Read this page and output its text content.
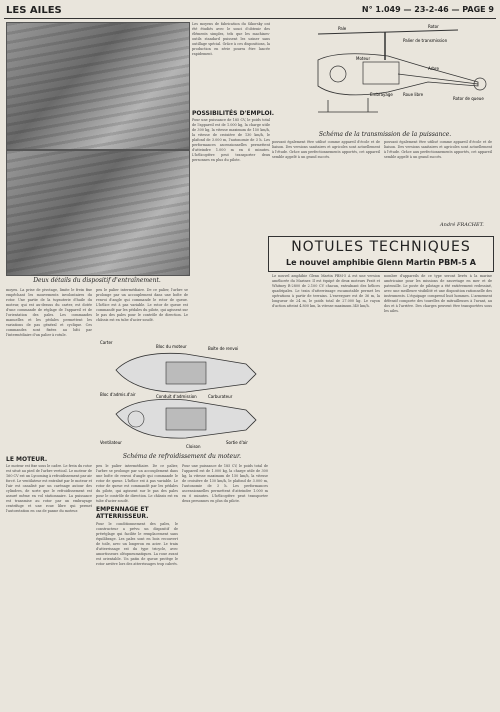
LES AILES	N° 1.049 — 23-2-46 — PAGE 9
Deux détails du dispositif d'entraînement.

Les moyens de fabrication du Sikorsky ont été étudiés avec le souci d'obtenir des éléments simples, tels que les machines-outils standard puissent les usiner sans outillage spécial. Grâce à ces dispositions, la production en série pourra être lancée rapidement.

POSSIBILITÉS D'EMPLOI.

Pour une puissance de 185 CV, le poids total de l'appareil est de 1.000 kg, la charge utile de 300 kg, la vitesse maximum de 150 km/h, la vitesse de croisière de 130 km/h, le plafond de 3.000 m, l'autonomie de 3 h. Les performances ascensionnelles permettent d'atteindre 1.000 m en 6 minutes. L'hélicoptère peut transporter deux personnes en plus du pilote.

Rotor
Palier de transmission
Pale
Moteur
Arbre
Embrayage	Roue libre
Rotor de queue
Schéma de la transmission de la puissance.

pouvant également être utilisé comme appareil d'école et de liaison. Des versions sanitaires et agricoles sont actuellement à l'étude. Grâce aux perfectionnements apportés, cet appareil semble appelé à un grand succès.

pouvant également être utilisé comme appareil d'école et de liaison. Des versions sanitaires et agricoles sont actuellement à l'étude. Grâce aux perfectionnements apportés, cet appareil semble appelé à un grand succès.

André FRACHET.
NOTULES TECHNIQUES
Le nouvel amphibie Glenn Martin PBM-5 A

moyeu. La prise de pivotage, limite le frein fixe empêchant les mouvements involontaires du rotor. Une partie de la tuyauterie d'huile du moteur, qui est au-dessus du carter, est dotée d'une commande de réglage de l'appareil et de l'orientation des pales. Les commandes manuelles et les pédales permettent les variations de pas général et cyclique. Ces commandes sont fixées au bâti par l'intermédiaire d'un palier à rotule.

LE MOTEUR.

Le moteur est fixe sous le cadre. Le frein du rotor est situé au pied de l'arbre vertical. Le moteur de 160 CV est un Lycoming à refroidissement par air forcé. Le ventilateur est entraîné par le moteur et l'air est canalisé par un carénage autour des cylindres, de sorte que le refroidissement est assuré même en vol stationnaire. La puissance est transmise au rotor par un embrayage centrifuge et une roue libre qui permet l'autorotation en cas de panne du moteur.

peu le palier intermédiaire. De ce palier, l'arbre se prolonge par un accouplement dans une boîte de renvoi d'angle qui commande le rotor de queue. L'hélice est à pas variable. Le rotor de queue est commandé par les pédales du pilote, qui agissent sur le pas des pales pour le contrôle de direction. Le châssis est en tube d'acier soudé.

Bloc d'admis.d'air	Conduit d'admission	Carburateur
Boîte de renvoi
Bloc du moteur
Sortie d'air
Carter
Cloison
Ventilateur
Schéma de refroidissement du moteur.

peu le palier intermédiaire. De ce palier, l'arbre se prolonge par un accouplement dans une boîte de renvoi d'angle qui commande le rotor de queue. L'hélice est à pas variable. Le rotor de queue est commandé par les pédales du pilote, qui agissent sur le pas des pales pour le contrôle de direction. Le châssis est en tube d'acier soudé.

EMPENNAGE ET ATTERRISSEUR.

Pour le conditionnement des pales, le constructeur a prévu un dispositif de préréglage qui facilite le remplacement sans équilibrage. Les pales sont en bois recouvert de toile, avec un longeron en acier. Le train d'atterrissage est du type tricycle, avec amortisseurs oléopneumatiques. La roue avant est orientable. Un patin de queue protège le rotor arrière lors des atterrissages trop cabrés.

Pour une puissance de 185 CV, le poids total de l'appareil est de 1.000 kg, la charge utile de 300 kg, la vitesse maximum de 150 km/h, la vitesse de croisière de 130 km/h, le plafond de 3.000 m, l'autonomie de 3 h. Les performances ascensionnelles permettent d'atteindre 1.000 m en 6 minutes. L'hélicoptère peut transporter deux personnes en plus du pilote.

Le nouvel amphibie Glenn Martin PBM-5 A est une version améliorée du Mariner. Il est équipé de deux moteurs Pratt et Whitney R-2800 de 2.100 CV chacun, entraînant des hélices quadripales. Le train d'atterrissage escamotable permet les opérations à partir de terrains. L'envergure est de 36 m, la longueur de 24 m, le poids total de 27.000 kg. Le rayon d'action atteint 4.800 km, la vitesse maximum 340 km/h.

nombre d'appareils de ce type seront livrés à la marine américaine pour les missions de sauvetage en mer et de patrouille. Le poste de pilotage a été entièrement redessiné, avec une meilleure visibilité et une disposition rationnelle des instruments. L'équipage comprend huit hommes. L'armement défensif comporte des tourelles de mitrailleuses à l'avant, au dos et à l'arrière. Des charges peuvent être transportées sous les ailes.
